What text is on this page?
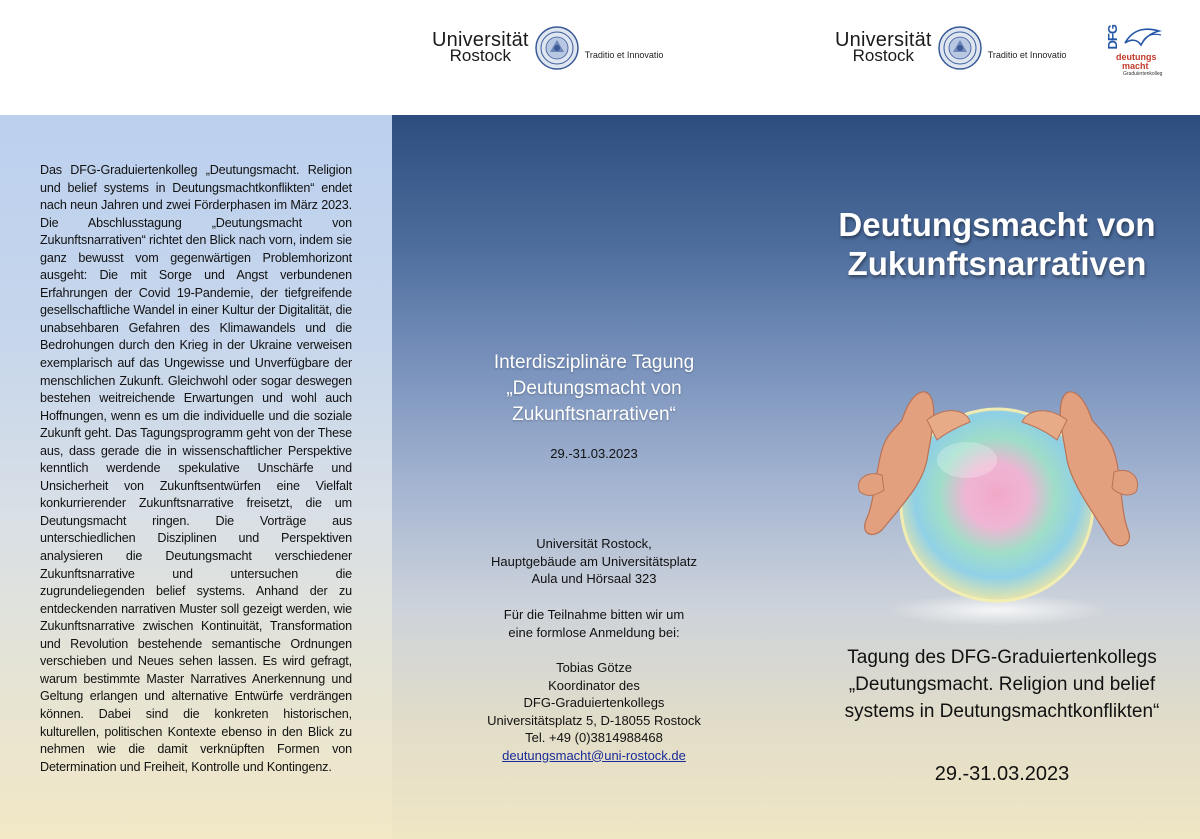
Universität
Rostock	Traditio et Innovatio
Universität
Rostock	Traditio et Innovatio
DFG
deutungs
macht
Graduiertenkolleg
Das DFG-Graduiertenkolleg „Deutungsmacht. Religion und belief systems in Deutungsmachtkonflikten“ endet nach neun Jahren und zwei Förderphasen im März 2023. Die Abschlusstagung „Deutungsmacht von Zukunftsnarrativen“ richtet den Blick nach vorn, indem sie ganz bewusst vom gegenwärtigen Problemhorizont ausgeht: Die mit Sorge und Angst verbundenen Erfahrungen der Covid 19-Pandemie, der tiefgreifende gesellschaftliche Wandel in einer Kultur der Digitalität, die unabsehbaren Gefahren des Klimawandels und die Bedrohungen durch den Krieg in der Ukraine verweisen exemplarisch auf das Ungewisse und Unverfügbare der menschlichen Zukunft. Gleichwohl oder sogar deswegen bestehen weitreichende Erwartungen und wohl auch Hoffnungen, wenn es um die individuelle und die soziale Zukunft geht. Das Tagungsprogramm geht von der These aus, dass gerade die in wissenschaftlicher Perspektive kenntlich werdende spekulative Unschärfe und Unsicherheit von Zukunftsentwürfen eine Vielfalt konkurrierender Zukunftsnarrative freisetzt, die um Deutungsmacht ringen. Die Vorträge aus unterschiedlichen Disziplinen und Perspektiven analysieren die Deutungsmacht verschiedener Zukunftsnarrative und untersuchen die zugrundeliegenden belief systems. Anhand der zu entdeckenden narrativen Muster soll gezeigt werden, wie Zukunftsnarrative zwischen Kontinuität, Transformation und Revolution bestehende semantische Ordnungen verschieben und Neues sehen lassen. Es wird gefragt, warum bestimmte Master Narratives Anerkennung und Geltung erlangen und alternative Entwürfe verdrängen können. Dabei sind die konkreten historischen, kulturellen, politischen Kontexte ebenso in den Blick zu nehmen wie die damit verknüpften Formen von Determination und Freiheit, Kontrolle und Kontingenz.
Deutungsmacht von
Zukunftsnarrativen
Interdisziplinäre Tagung
„Deutungsmacht von
Zukunftsnarrativen“
29.-31.03.2023
Universität Rostock,
Hauptgebäude am Universitätsplatz
Aula und Hörsaal 323
Für die Teilnahme bitten wir um
eine formlose Anmeldung bei:
Tobias Götze
Koordinator des
DFG-Graduiertenkollegs
Universitätsplatz 5, D-18055 Rostock
Tel. +49 (0)3814988468
deutungsmacht@uni-rostock.de
Tagung des DFG-Graduiertenkollegs
„Deutungsmacht. Religion und belief
systems in Deutungsmachtkonflikten“
29.-31.03.2023
